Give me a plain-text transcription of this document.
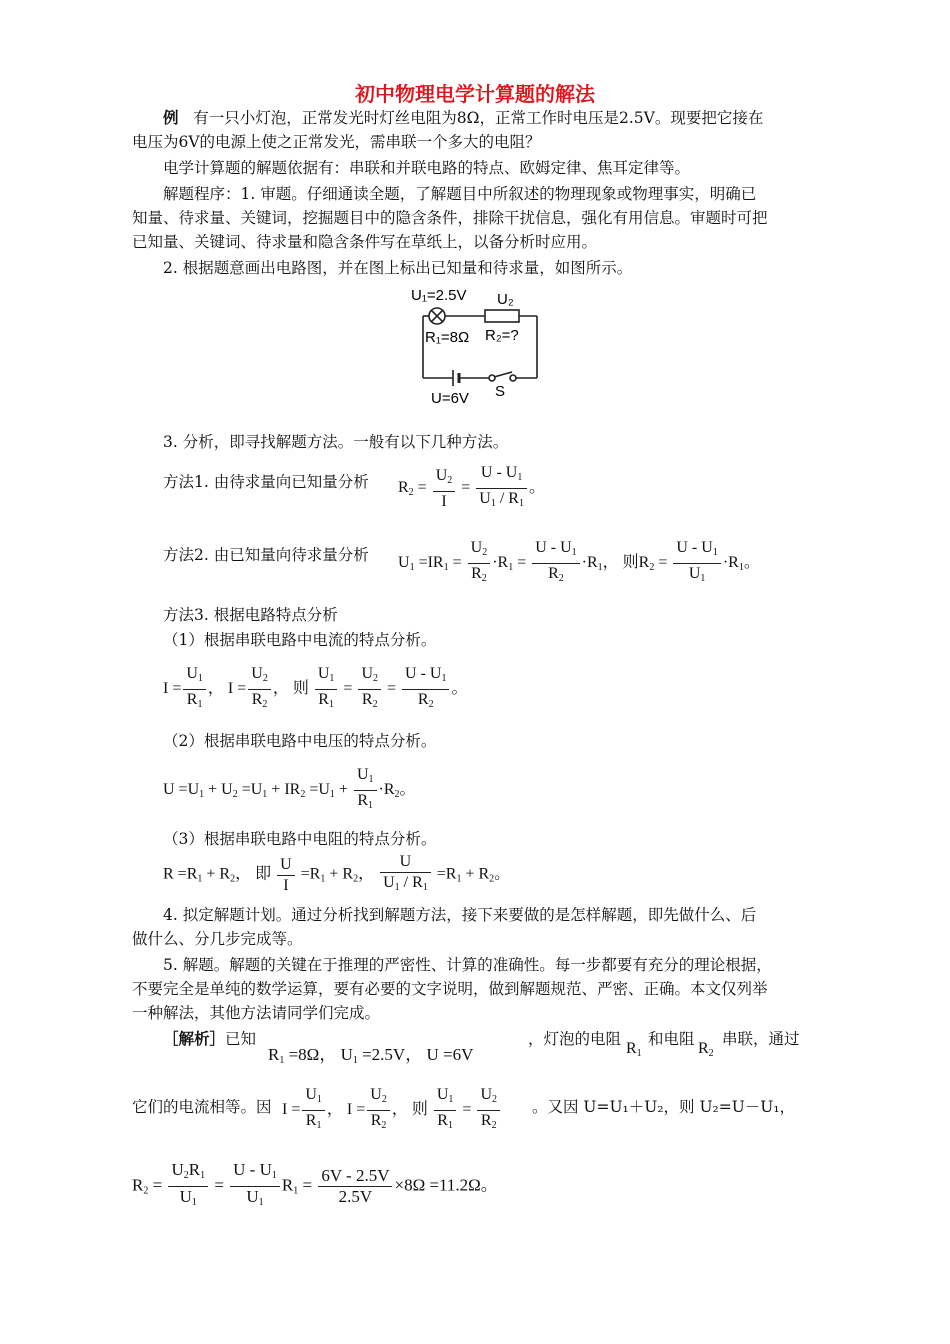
初中物理电学计算题的解法
例 有一只小灯泡，正常发光时灯丝电阻为8Ω，正常工作时电压是2.5V。现要把它接在
电压为6V的电源上使之正常发光，需串联一个多大的电阻？
电学计算题的解题依据有：串联和并联电路的特点、欧姆定律、焦耳定律等。
解题程序：1. 审题。仔细通读全题，了解题目中所叙述的物理现象或物理事实，明确已
知量、待求量、关键词，挖掘题目中的隐含条件，排除干扰信息，强化有用信息。审题时可把
已知量、关键词、待求量和隐含条件写在草纸上，以备分析时应用。
2. 根据题意画出电路图，并在图上标出已知量和待求量，如图所示。
U₁=2.5V U₂
R₁=8Ω R₂=?
U=6V S
3. 分析，即寻找解题方法。一般有以下几种方法。
方法1. 由待求量向已知量分析 $R_2 = \frac{U_2}{I} = \frac{U - U_1}{U_1 / R_1}$ 。
方法2. 由已知量向待求量分析 $U_1 =IR_1 = \frac{U_2}{R_2} \cdot R_1 = \frac{U - U_1}{R_2} \cdot R_1$， 则$R_2 = \frac{U - U_1}{U_1} \cdot R_1$。
方法3. 根据电路特点分析
（1）根据串联电路中电流的特点分析。
$I = \frac{U_1}{R_1}$ ， $I = \frac{U_2}{R_2}$ ， 则 $\frac{U_1}{R_1} = \frac{U_2}{R_2} = \frac{U - U_1}{R_2}$ 。
（2）根据串联电路中电压的特点分析。
$U =U_1 + U_2 =U_1 + IR_2 =U_1 + \frac{U_1}{R_1} \cdot R_2$。
（3）根据串联电路中电阻的特点分析。
$R =R_1 + R_2$， 即 $\frac{U}{I} =R_1 + R_2$， $\frac{U}{U_1 / R_1} =R_1 + R_2$。
4. 拟定解题计划。通过分析找到解题方法，接下来要做的是怎样解题，即先做什么、后
做什么、分几步完成等。
5. 解题。解题的关键在于推理的严密性、计算的准确性。每一步都要有充分的理论根据，
不要完全是单纯的数学运算，要有必要的文字说明，做到解题规范、严密、正确。本文仅列举
一种解法，其他方法请同学们完成。
［解析］已知
$R_1 =8\Omega$， $U_1 =2.5V$， U =6V
，灯泡的电阻
$R_1$
和电阻
$R_2$
串联，通过
它们的电流相等。因 $I = \frac{U_1}{R_1}$ ， $I = \frac{U_2}{R_2}$ ， 则 $\frac{U_1}{R_1} = \frac{U_2}{R_2}$ 。又因 U=U₁＋U₂，则 U₂=U－U₁，
$R_2 = \frac{U_2R_1}{U_1} = \frac{U - U_1}{U_1} R_1 = \frac{6V - 2.5V}{2.5V} \times 8\Omega =11.2\Omega$。
